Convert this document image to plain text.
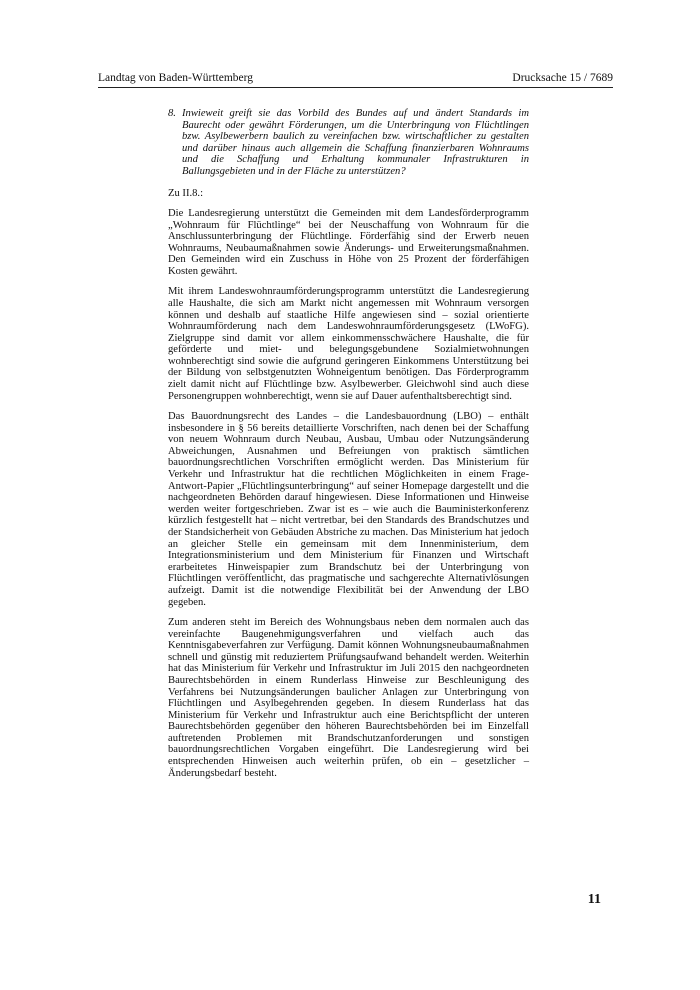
Landtag von Baden-Württemberg	Drucksache 15 / 7689
8. Inwieweit greift sie das Vorbild des Bundes auf und ändert Standards im Baurecht oder gewährt Förderungen, um die Unterbringung von Flüchtlingen bzw. Asylbewerbern baulich zu vereinfachen bzw. wirtschaftlicher zu gestalten und darüber hinaus auch allgemein die Schaffung finanzierbaren Wohnraums und die Schaffung und Erhaltung kommunaler Infrastrukturen in Ballungsgebieten und in der Fläche zu unterstützen?

Zu II.8.:

Die Landesregierung unterstützt die Gemeinden mit dem Landesförderprogramm „Wohnraum für Flüchtlinge“ bei der Neuschaffung von Wohnraum für die Anschlussunterbringung der Flüchtlinge. Förderfähig sind der Erwerb neuen Wohnraums, Neubaumaßnahmen sowie Änderungs- und Erweiterungsmaßnahmen. Den Gemeinden wird ein Zuschuss in Höhe von 25 Prozent der förderfähigen Kosten gewährt.

Mit ihrem Landeswohnraumförderungsprogramm unterstützt die Landesregierung alle Haushalte, die sich am Markt nicht angemessen mit Wohnraum versorgen können und deshalb auf staatliche Hilfe angewiesen sind – sozial orientierte Wohnraumförderung nach dem Landeswohnraumförderungsgesetz (LWoFG). Zielgruppe sind damit vor allem einkommensschwächere Haushalte, die für geförderte und miet- und belegungsgebundene Sozialmietwohnungen wohnberechtigt sind sowie die aufgrund geringeren Einkommens Unterstützung bei der Bildung von selbstgenutzten Wohneigentum benötigen. Das Förderprogramm zielt damit nicht auf Flüchtlinge bzw. Asylbewerber. Gleichwohl sind auch diese Personengruppen wohnberechtigt, wenn sie auf Dauer aufenthaltsberechtigt sind.

Das Bauordnungsrecht des Landes – die Landesbauordnung (LBO) – enthält insbesondere in § 56 bereits detaillierte Vorschriften, nach denen bei der Schaffung von neuem Wohnraum durch Neubau, Ausbau, Umbau oder Nutzungsänderung Abweichungen, Ausnahmen und Befreiungen von praktisch sämtlichen bauordnungsrechtlichen Vorschriften ermöglicht werden. Das Ministerium für Verkehr und Infrastruktur hat die rechtlichen Möglichkeiten in einem Frage-Antwort-Papier „Flüchtlingsunterbringung“ auf seiner Homepage dargestellt und die nachgeordneten Behörden darauf hingewiesen. Diese Informationen und Hinweise werden weiter fortgeschrieben. Zwar ist es – wie auch die Bauministerkonferenz kürzlich festgestellt hat – nicht vertretbar, bei den Standards des Brandschutzes und der Standsicherheit von Gebäuden Abstriche zu machen. Das Ministerium hat jedoch an gleicher Stelle ein gemeinsam mit dem Innenministerium, dem Integrationsministerium und dem Ministerium für Finanzen und Wirtschaft erarbeitetes Hinweispapier zum Brandschutz bei der Unterbringung von Flüchtlingen veröffentlicht, das pragmatische und sachgerechte Alternativlösungen aufzeigt. Damit ist die notwendige Flexibilität bei der Anwendung der LBO gegeben.

Zum anderen steht im Bereich des Wohnungsbaus neben dem normalen auch das vereinfachte Baugenehmigungsverfahren und vielfach auch das Kenntnisgabeverfahren zur Verfügung. Damit können Wohnungsneubaumaßnahmen schnell und günstig mit reduziertem Prüfungsaufwand behandelt werden. Weiterhin hat das Ministerium für Verkehr und Infrastruktur im Juli 2015 den nachgeordneten Baurechtsbehörden in einem Runderlass Hinweise zur Beschleunigung des Verfahrens bei Nutzungsänderungen baulicher Anlagen zur Unterbringung von Flüchtlingen und Asylbegehrenden gegeben. In diesem Runderlass hat das Ministerium für Verkehr und Infrastruktur auch eine Berichtspflicht der unteren Baurechtsbehörden gegenüber den höheren Baurechtsbehörden bei im Einzelfall auftretenden Problemen mit Brandschutzanforderungen und sonstigen bauordnungsrechtlichen Vorgaben eingeführt. Die Landesregierung wird bei entsprechenden Hinweisen auch weiterhin prüfen, ob ein – gesetzlicher – Änderungsbedarf besteht.

11
